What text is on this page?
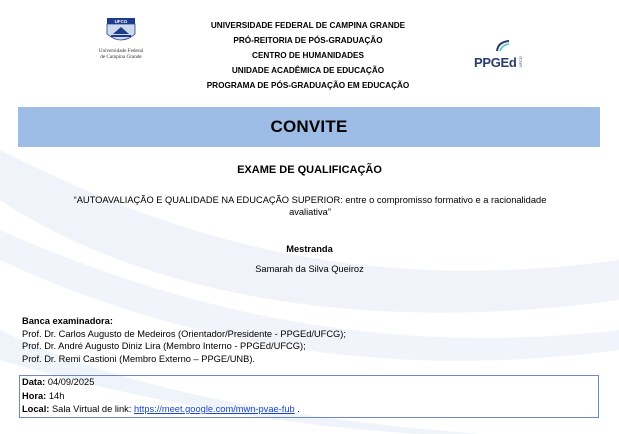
UFCG
Universidade Federal
de Campina Grande
UNIVERSIDADE FEDERAL DE CAMPINA GRANDE
PRÓ-REITORIA DE PÓS-GRADUAÇÃO
CENTRO DE HUMANIDADES
UNIDADE ACADÊMICA DE EDUCAÇÃO
PROGRAMA DE PÓS-GRADUAÇÃO EM EDUCAÇÃO
PPGEd UFCG
CONVITE
EXAME DE QUALIFICAÇÃO
“AUTOAVALIAÇÃO E QUALIDADE NA EDUCAÇÃO SUPERIOR: entre o compromisso formativo e a racionalidade
avaliativa”
Mestranda
Samarah da Silva Queiroz
Banca examinadora:
Prof. Dr. Carlos Augusto de Medeiros (Orientador/Presidente - PPGEd/UFCG);
Prof. Dr. André Augusto Diniz Lira (Membro Interno - PPGEd/UFCG);
Prof. Dr. Remi Castioni (Membro Externo – PPGE/UNB).
Data: 04/09/2025
Hora: 14h
Local: Sala Virtual de link: https://meet.google.com/mwn-pvae-fub .
